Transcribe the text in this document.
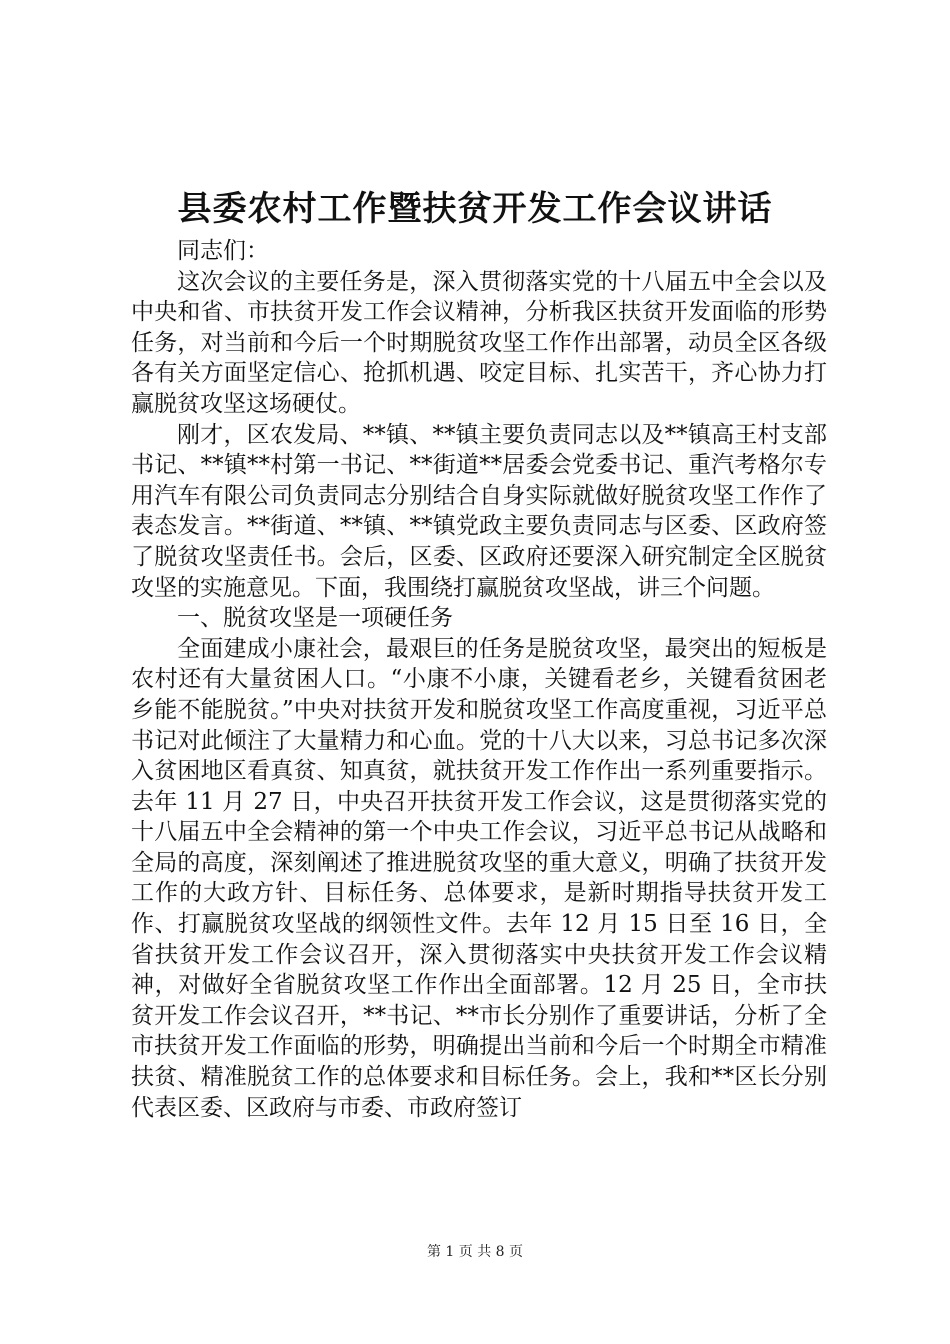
县委农村工作暨扶贫开发工作会议讲话

同志们：

这次会议的主要任务是，深入贯彻落实党的十八届五中全会以及中央和省、市扶贫开发工作会议精神，分析我区扶贫开发面临的形势任务，对当前和今后一个时期脱贫攻坚工作作出部署，动员全区各级各有关方面坚定信心、抢抓机遇、咬定目标、扎实苦干，齐心协力打赢脱贫攻坚这场硬仗。

刚才，区农发局、**镇、**镇主要负责同志以及**镇高王村支部书记、**镇**村第一书记、**街道**居委会党委书记、重汽考格尔专用汽车有限公司负责同志分别结合自身实际就做好脱贫攻坚工作作了表态发言。**街道、**镇、**镇党政主要负责同志与区委、区政府签了脱贫攻坚责任书。会后，区委、区政府还要深入研究制定全区脱贫攻坚的实施意见。下面，我围绕打赢脱贫攻坚战，讲三个问题。

一、脱贫攻坚是一项硬任务

全面建成小康社会，最艰巨的任务是脱贫攻坚，最突出的短板是农村还有大量贫困人口。“小康不小康，关键看老乡，关键看贫困老乡能不能脱贫。”中央对扶贫开发和脱贫攻坚工作高度重视，习近平总书记对此倾注了大量精力和心血。党的十八大以来，习总书记多次深入贫困地区看真贫、知真贫，就扶贫开发工作作出一系列重要指示。去年 11 月 27 日，中央召开扶贫开发工作会议，这是贯彻落实党的十八届五中全会精神的第一个中央工作会议，习近平总书记从战略和全局的高度，深刻阐述了推进脱贫攻坚的重大意义，明确了扶贫开发工作的大政方针、目标任务、总体要求，是新时期指导扶贫开发工作、打赢脱贫攻坚战的纲领性文件。去年 12 月 15 日至 16 日，全省扶贫开发工作会议召开，深入贯彻落实中央扶贫开发工作会议精神，对做好全省脱贫攻坚工作作出全面部署。12 月 25 日，全市扶贫开发工作会议召开，**书记、**市长分别作了重要讲话，分析了全市扶贫开发工作面临的形势，明确提出当前和今后一个时期全市精准扶贫、精准脱贫工作的总体要求和目标任务。会上，我和**区长分别代表区委、区政府与市委、市政府签订

第 1 页 共 8 页
